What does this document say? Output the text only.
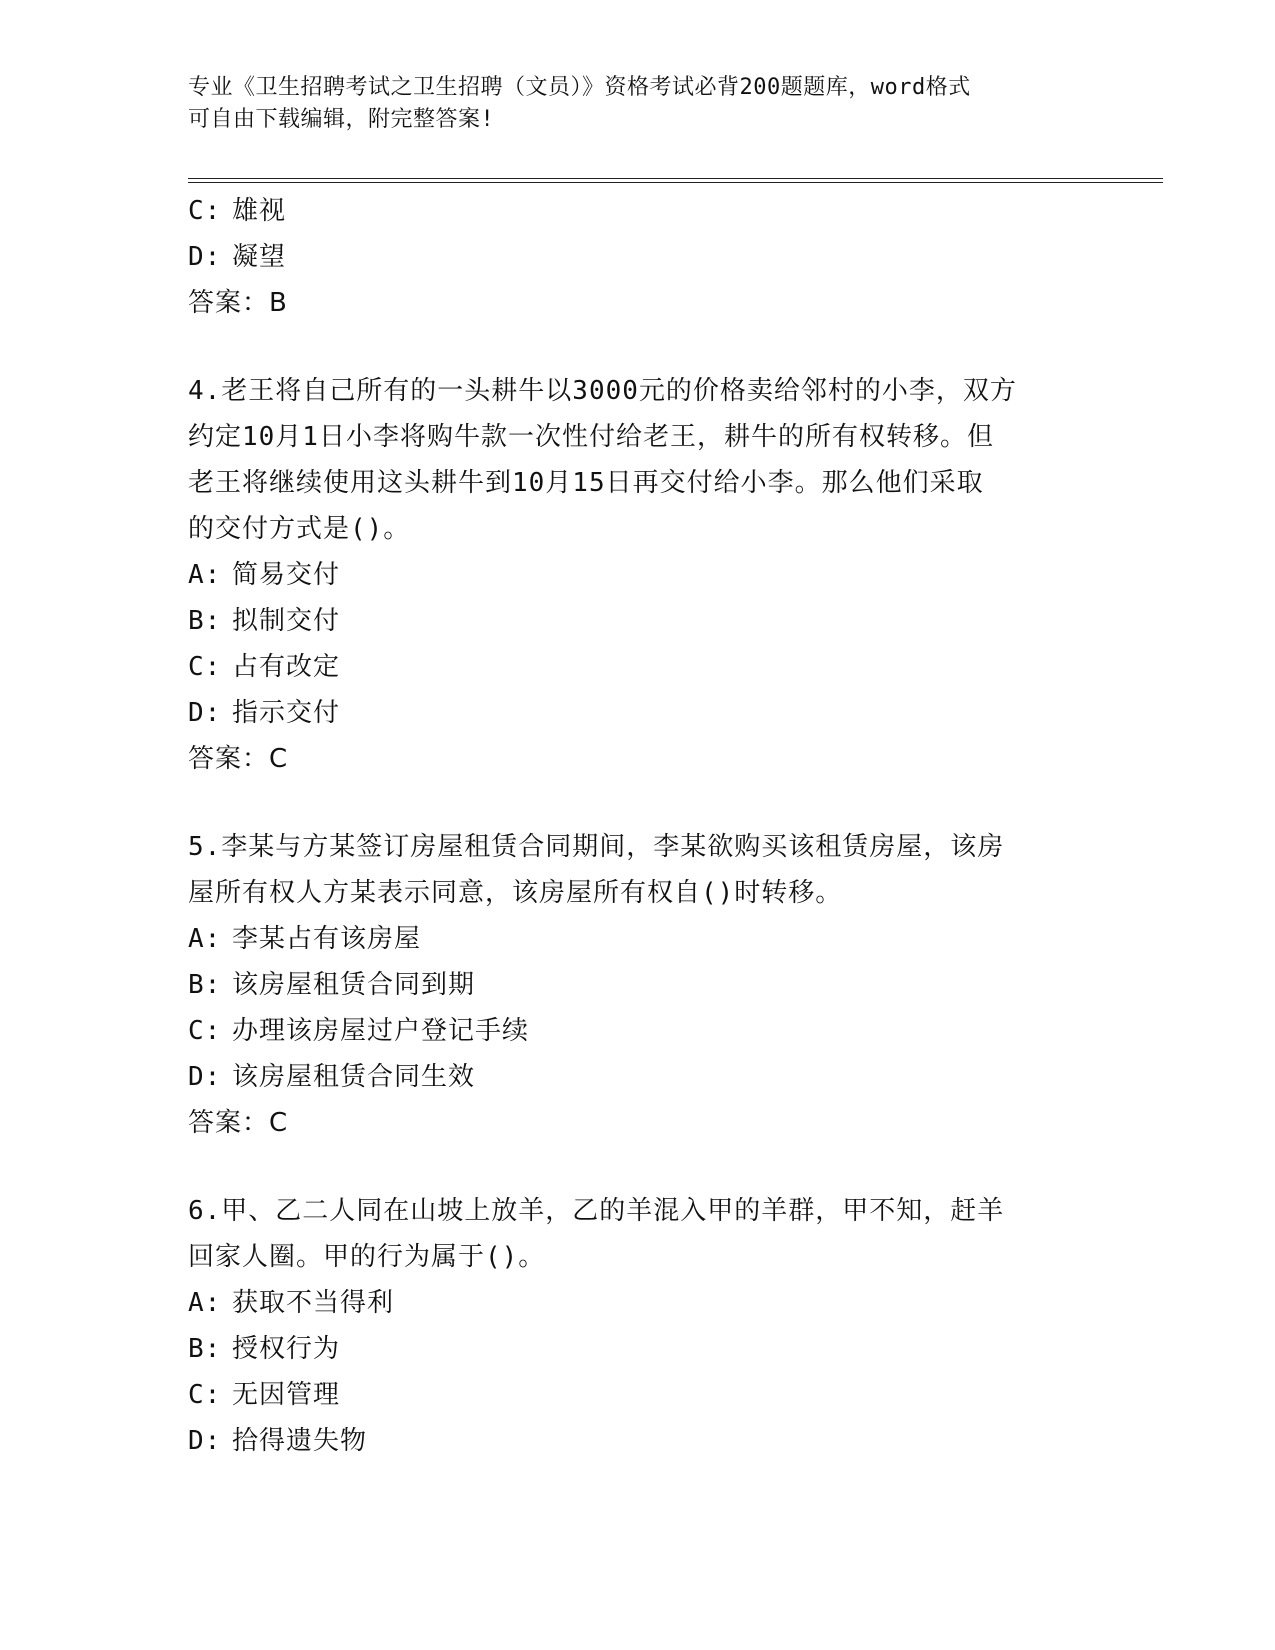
专业《卫生招聘考试之卫生招聘（文员）》资格考试必背200题题库，word格式
可自由下载编辑，附完整答案!
C: 雄视
D: 凝望
答案：B
4.老王将自己所有的一头耕牛以3000元的价格卖给邻村的小李，双方
约定10月1日小李将购牛款一次性付给老王，耕牛的所有权转移。但
老王将继续使用这头耕牛到10月15日再交付给小李。那么他们采取
的交付方式是()。
A: 简易交付
B: 拟制交付
C: 占有改定
D: 指示交付
答案：C
5.李某与方某签订房屋租赁合同期间，李某欲购买该租赁房屋，该房
屋所有权人方某表示同意，该房屋所有权自()时转移。
A: 李某占有该房屋
B: 该房屋租赁合同到期
C: 办理该房屋过户登记手续
D: 该房屋租赁合同生效
答案：C
6.甲、乙二人同在山坡上放羊，乙的羊混入甲的羊群，甲不知，赶羊
回家人圈。甲的行为属于()。
A: 获取不当得利
B: 授权行为
C: 无因管理
D: 拾得遗失物
